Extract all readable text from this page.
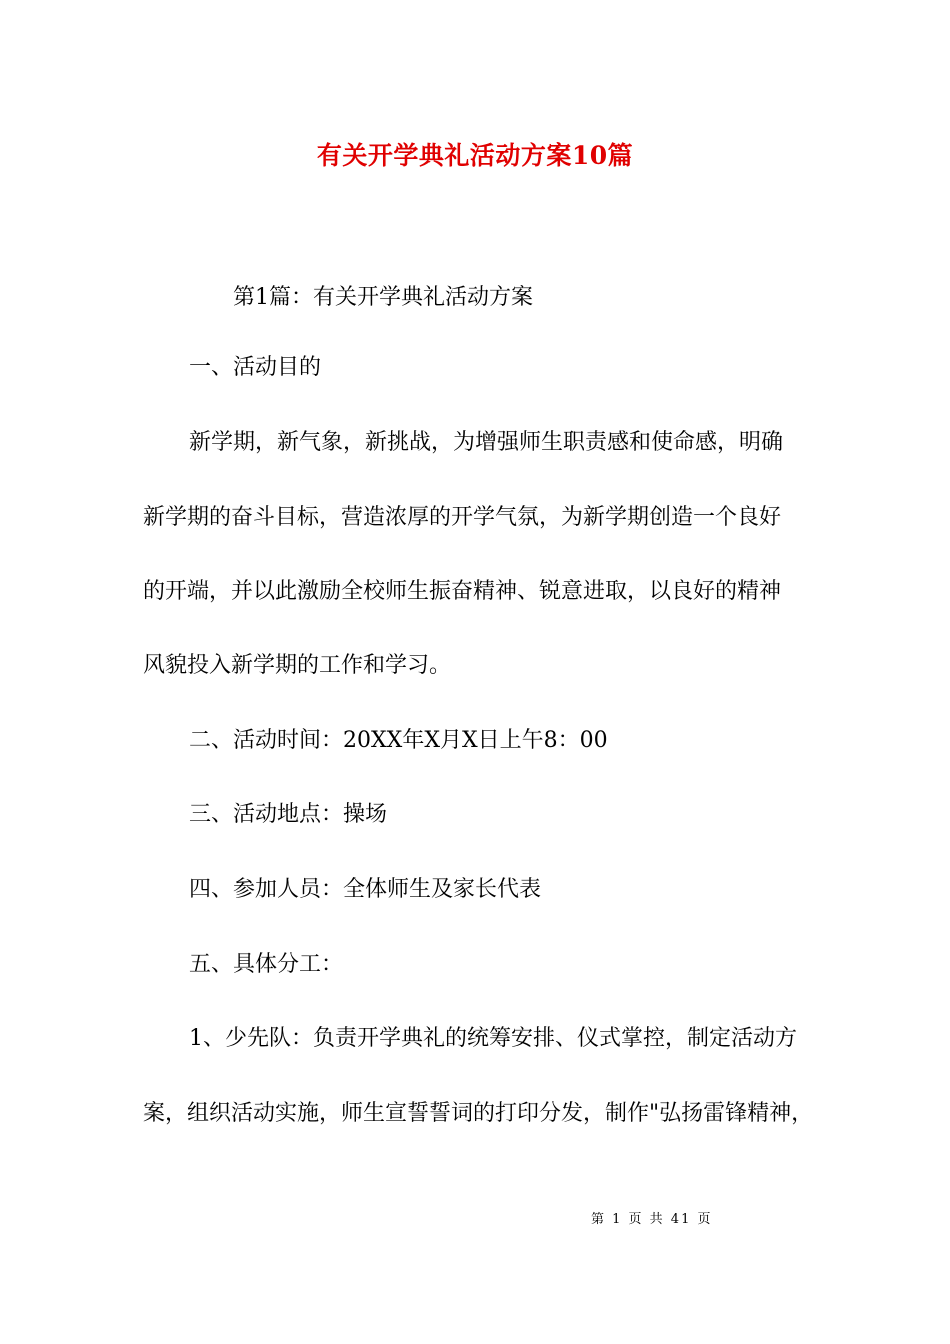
有关开学典礼活动方案10篇
第1篇：有关开学典礼活动方案
一、活动目的
新学期，新气象，新挑战，为增强师生职责感和使命感，明确
新学期的奋斗目标，营造浓厚的开学气氛，为新学期创造一个良好
的开端，并以此激励全校师生振奋精神、锐意进取，以良好的精神
风貌投入新学期的工作和学习。
二、活动时间：20XX年X月X日上午8：00
三、活动地点：操场
四、参加人员：全体师生及家长代表
五、具体分工：
1、少先队：负责开学典礼的统筹安排、仪式掌控，制定活动方
案，组织活动实施，师生宣誓誓词的打印分发，制作"弘扬雷锋精神，
第 1 页 共 41 页
